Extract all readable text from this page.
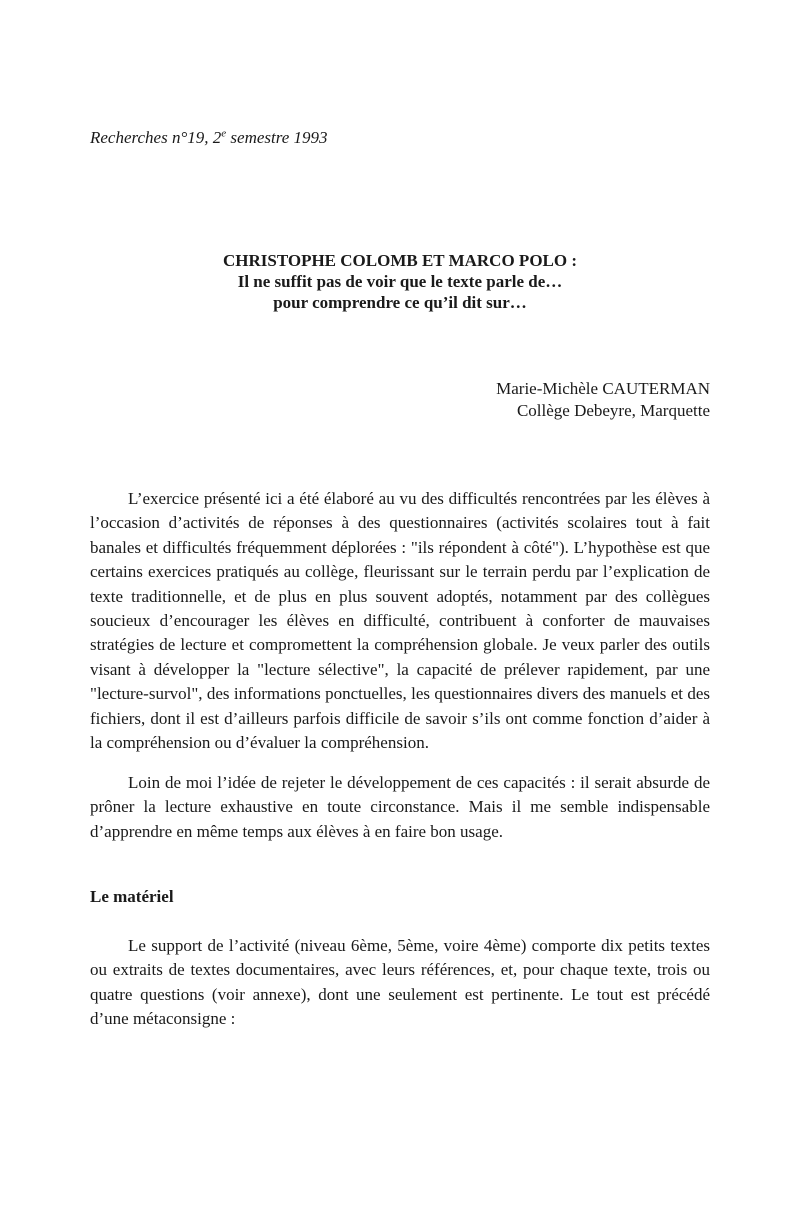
Recherches n°19, 2e semestre 1993
CHRISTOPHE COLOMB ET MARCO POLO :
Il ne suffit pas de voir que le texte parle de…
pour comprendre ce qu’il dit sur…
Marie-Michèle CAUTERMAN
Collège Debeyre, Marquette

L’exercice présenté ici a été élaboré au vu des difficultés rencontrées par les élèves à l’occasion d’activités de réponses à des questionnaires (activités scolaires tout à fait banales et difficultés fréquemment déplorées : "ils répondent à côté"). L’hypothèse est que certains exercices pratiqués au collège, fleurissant sur le terrain perdu par l’explication de texte traditionnelle, et de plus en plus souvent adoptés, notamment par des collègues soucieux d’encourager les élèves en difficulté, contribuent à conforter de mauvaises stratégies de lecture et compromettent la compréhension globale. Je veux parler des outils visant à développer la "lecture sélective", la capacité de prélever rapidement, par une "lecture-survol", des informations ponctuelles, les questionnaires divers des manuels et des fichiers, dont il est d’ailleurs parfois difficile de savoir s’ils ont comme fonction d’aider à la compréhension ou d’évaluer la compréhension.

Loin de moi l’idée de rejeter le développement de ces capacités : il serait absurde de prôner la lecture exhaustive en toute circonstance. Mais il me semble indispensable d’apprendre en même temps aux élèves à en faire bon usage.

Le matériel

Le support de l’activité (niveau 6ème, 5ème, voire 4ème) comporte dix petits textes ou extraits de textes documentaires, avec leurs références, et, pour chaque texte, trois ou quatre questions (voir annexe), dont une seulement est pertinente. Le tout est précédé d’une métaconsigne :
